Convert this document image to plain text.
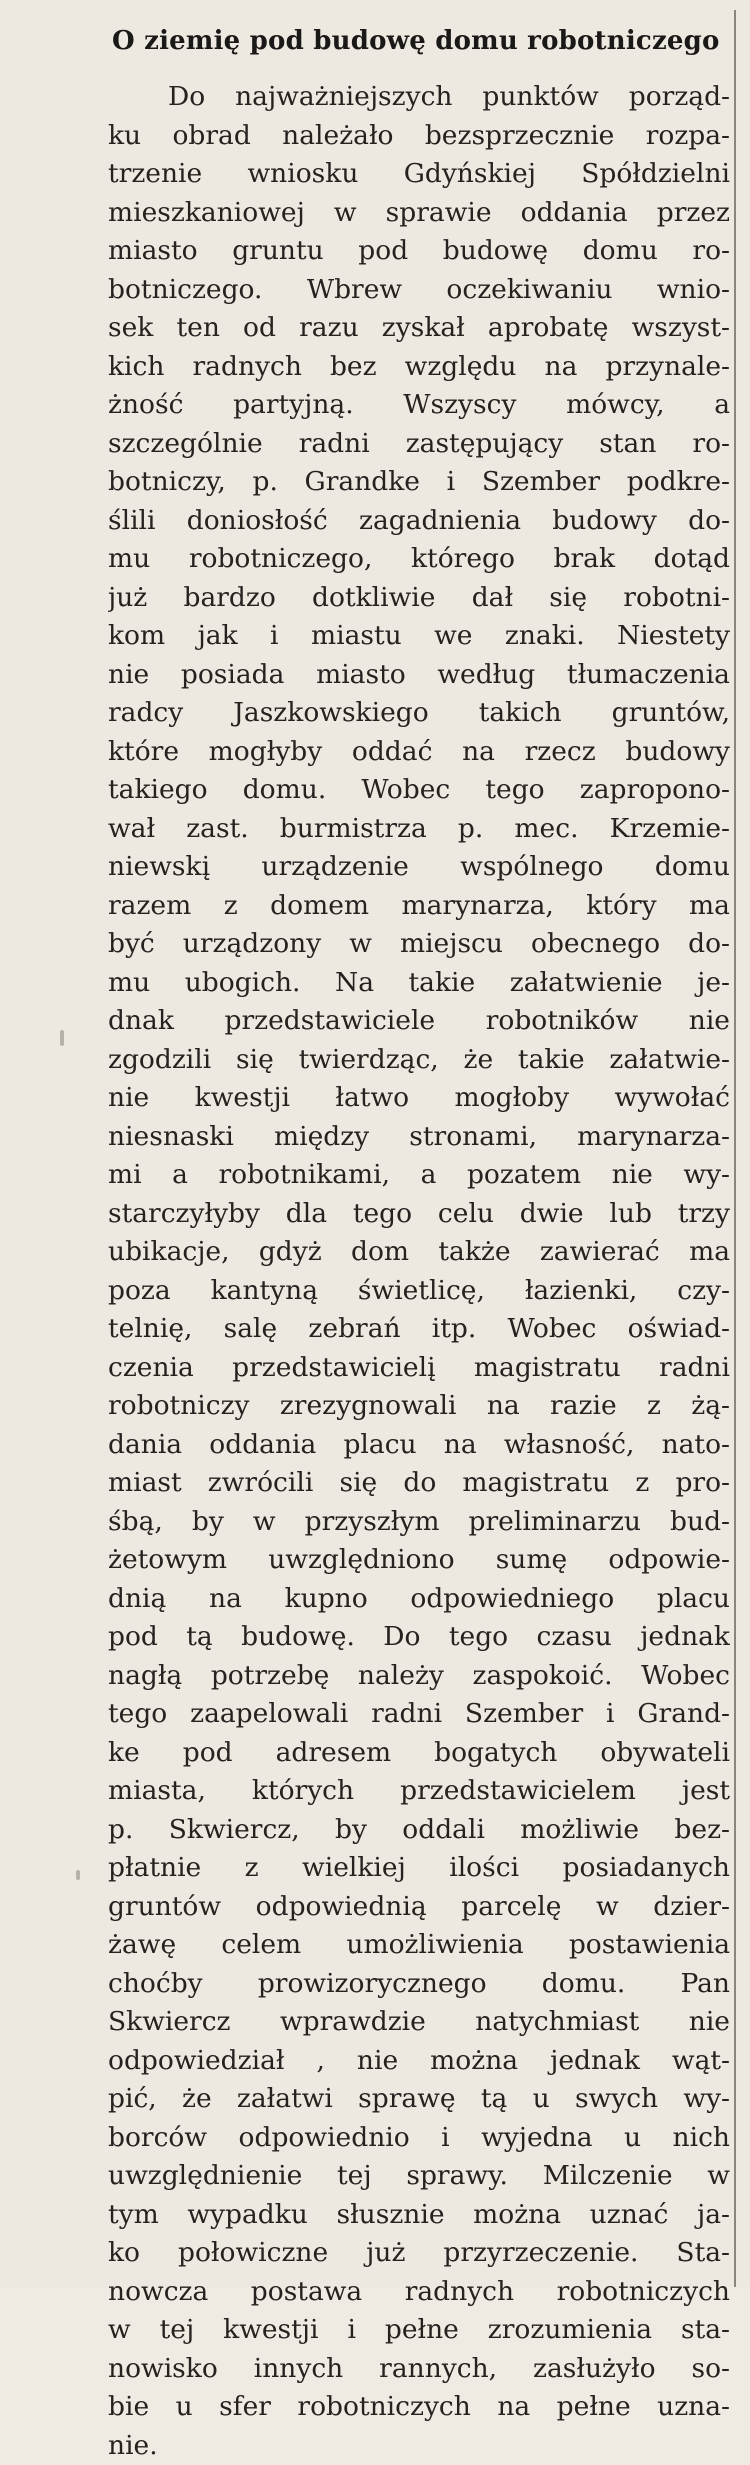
O ziemię pod budowę domu robotniczego
Do najważniejszych punktów porząd-
ku obrad należało bezsprzecznie rozpa-
trzenie wniosku Gdyńskiej Spółdzielni
mieszkaniowej w sprawie oddania przez
miasto gruntu pod budowę domu ro-
botniczego. Wbrew oczekiwaniu wnio-
sek ten od razu zyskał aprobatę wszyst-
kich radnych bez względu na przynale-
żność partyjną. Wszyscy mówcy, a
szczególnie radni zastępujący stan ro-
botniczy, p. Grandke i Szember podkre-
ślili doniosłość zagadnienia budowy do-
mu robotniczego, którego brak dotąd
już bardzo dotkliwie dał się robotni-
kom jak i miastu we znaki. Niestety
nie posiada miasto według tłumaczenia
radcy Jaszkowskiego takich gruntów,
które mogłyby oddać na rzecz budowy
takiego domu. Wobec tego zapropono-
wał zast. burmistrza p. mec. Krzemie-
niewskį urządzenie wspólnego domu
razem z domem marynarza, który ma
być urządzony w miejscu obecnego do-
mu ubogich. Na takie załatwienie je-
dnak przedstawiciele robotników nie
zgodzili się twierdząc, że takie załatwie-
nie kwestji łatwo mogłoby wywołać
niesnaski między stronami, marynarza-
mi a robotnikami, a pozatem nie wy-
starczyłyby dla tego celu dwie lub trzy
ubikacje, gdyż dom także zawierać ma
poza kantyną świetlicę, łazienki, czy-
telnię, salę zebrań itp. Wobec oświad-
czenia przedstawicielį magistratu radni
robotniczy zrezygnowali na razie z żą-
dania oddania placu na własność, nato-
miast zwrócili się do magistratu z pro-
śbą, by w przyszłym preliminarzu bud-
żetowym uwzględniono sumę odpowie-
dnią na kupno odpowiedniego placu
pod tą budowę. Do tego czasu jednak
nagłą potrzebę należy zaspokoić. Wobec
tego zaapelowali radni Szember i Grand-
ke pod adresem bogatych obywateli
miasta, których przedstawicielem jest
p. Skwiercz, by oddali możliwie bez-
płatnie z wielkiej ilości posiadanych
gruntów odpowiednią parcelę w dzier-
żawę celem umożliwienia postawienia
choćby prowizorycznego domu. Pan
Skwiercz wprawdzie natychmiast nie
odpowiedział , nie można jednak wąt-
pić, że załatwi sprawę tą u swych wy-
borców odpowiednio i wyjedna u nich
uwzględnienie tej sprawy. Milczenie w
tym wypadku słusznie można uznać ja-
ko połowiczne już przyrzeczenie. Sta-
nowcza postawa radnych robotniczych
w tej kwestji i pełne zrozumienia sta-
nowisko innych rannych, zasłużyło so-
bie u sfer robotniczych na pełne uzna-
nie.
